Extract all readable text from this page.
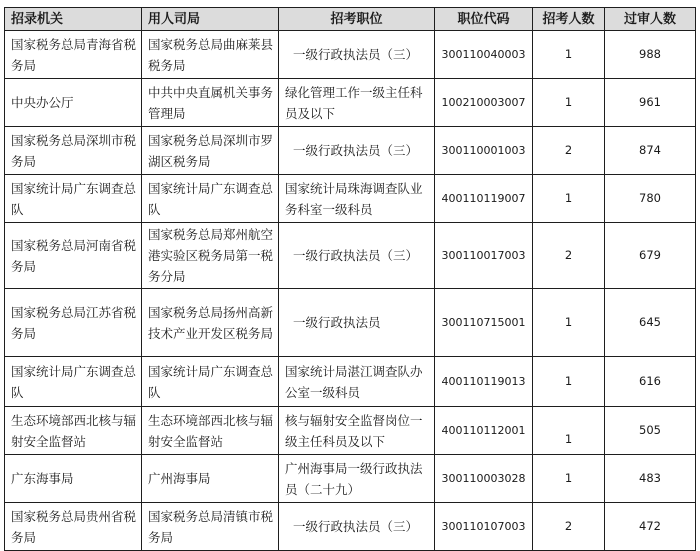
招录机关	用人司局	招考职位	职位代码	招考人数	过审人数
国家税务总局青海省税务局	国家税务总局曲麻莱县税务局	一级行政执法员（三）	300110040003	1	988
中央办公厅	中共中央直属机关事务管理局	绿化管理工作一级主任科员及以下	100210003007	1	961
国家税务总局深圳市税务局	国家税务总局深圳市罗湖区税务局	一级行政执法员（三）	300110001003	2	874
国家统计局广东调查总队	国家统计局广东调查总队	国家统计局珠海调查队业务科室一级科员	400110119007	1	780
国家税务总局河南省税务局	国家税务总局郑州航空港实验区税务局第一税务分局	一级行政执法员（三）	300110017003	2	679
国家税务总局江苏省税务局	国家税务总局扬州高新技术产业开发区税务局	一级行政执法员	300110715001	1	645
国家统计局广东调查总队	国家统计局广东调查总队	国家统计局湛江调查队办公室一级科员	400110119013	1	616
生态环境部西北核与辐射安全监督站	生态环境部西北核与辐射安全监督站	核与辐射安全监督岗位一级主任科员及以下	400110112001	1	505
广东海事局	广州海事局	广州海事局一级行政执法员（二十九）	300110003028	1	483
国家税务总局贵州省税务局	国家税务总局清镇市税务局	一级行政执法员（三）	300110107003	2	472
